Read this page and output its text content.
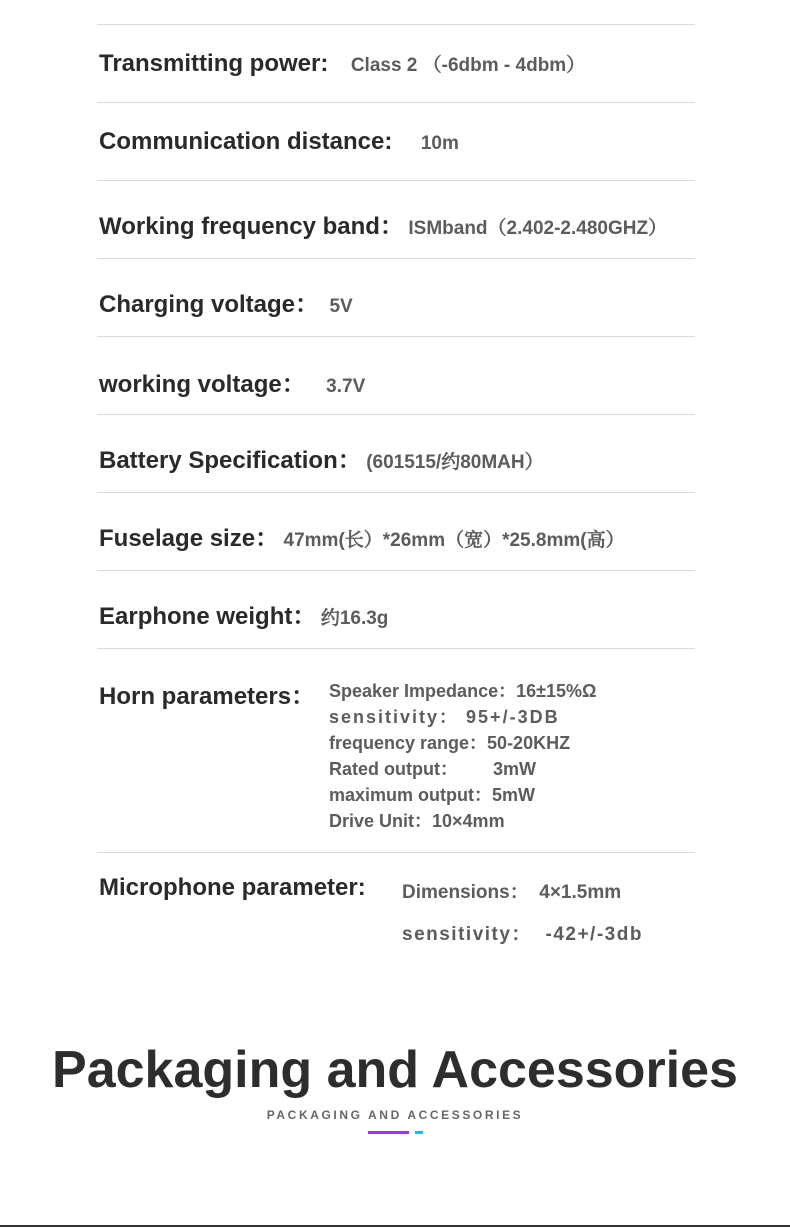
Transmitting power: Class 2 （-6dbm - 4dbm）
Communication distance: 10m
Working frequency band： ISMband（2.402-2.480GHZ）
Charging voltage： 5V
working voltage： 3.7V
Battery Specification： (601515/约80MAH）
Fuselage size： 47mm(长）*26mm（宽）*25.8mm(高）
Earphone weight： 约16.3g
Horn parameters： Speaker Impedance：16±15%Ω
sensitivity： 95+/-3DB
frequency range：50-20KHZ
Rated output：       3mW
maximum output：5mW
Drive Unit：10×4mm
Microphone parameter: Dimensions：  4×1.5mm
sensitivity：  -42+/-3db
Packaging and Accessories
PACKAGING AND ACCESSORIES
